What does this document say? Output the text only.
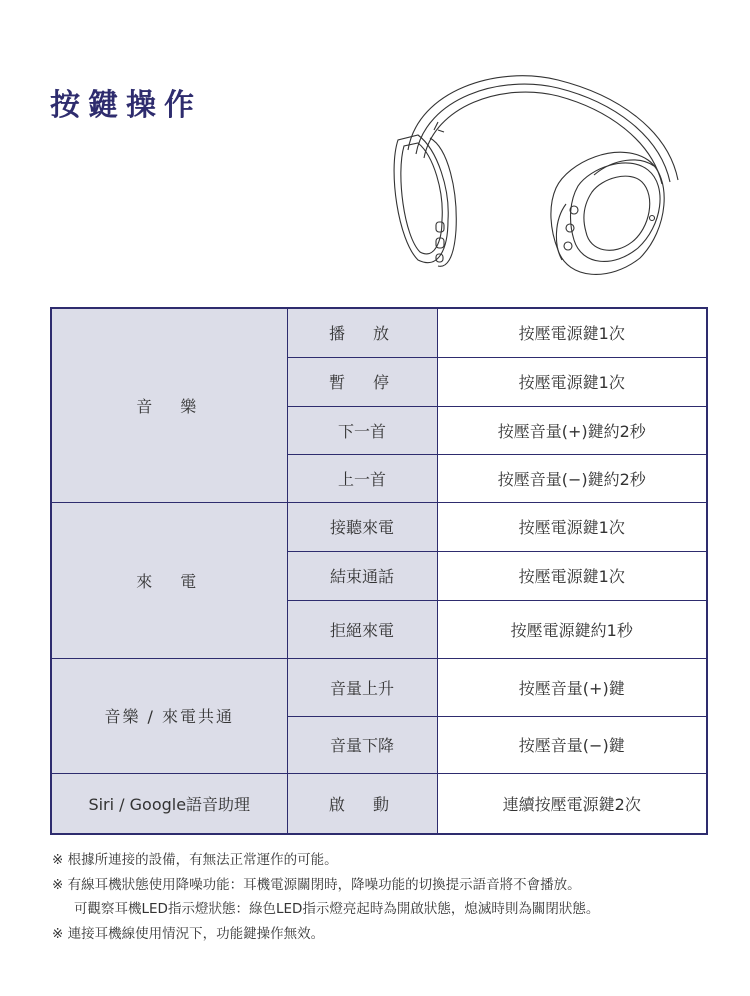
按鍵操作
音　樂	播　放	按壓電源鍵1次
	暫　停	按壓電源鍵1次
	下一首	按壓音量(+)鍵約2秒
	上一首	按壓音量(−)鍵約2秒
來　電	接聽來電	按壓電源鍵1次
	結束通話	按壓電源鍵1次
	拒絕來電	按壓電源鍵約1秒
音樂 / 來電共通	音量上升	按壓音量(+)鍵
	音量下降	按壓音量(−)鍵
Siri / Google語音助理	啟　動	連續按壓電源鍵2次
※ 根據所連接的設備，有無法正常運作的可能。
※ 有線耳機狀態使用降噪功能：耳機電源關閉時，降噪功能的切換提示語音將不會播放。
可觀察耳機LED指示燈狀態：綠色LED指示燈亮起時為開啟狀態，熄滅時則為關閉狀態。
※ 連接耳機線使用情況下，功能鍵操作無效。
